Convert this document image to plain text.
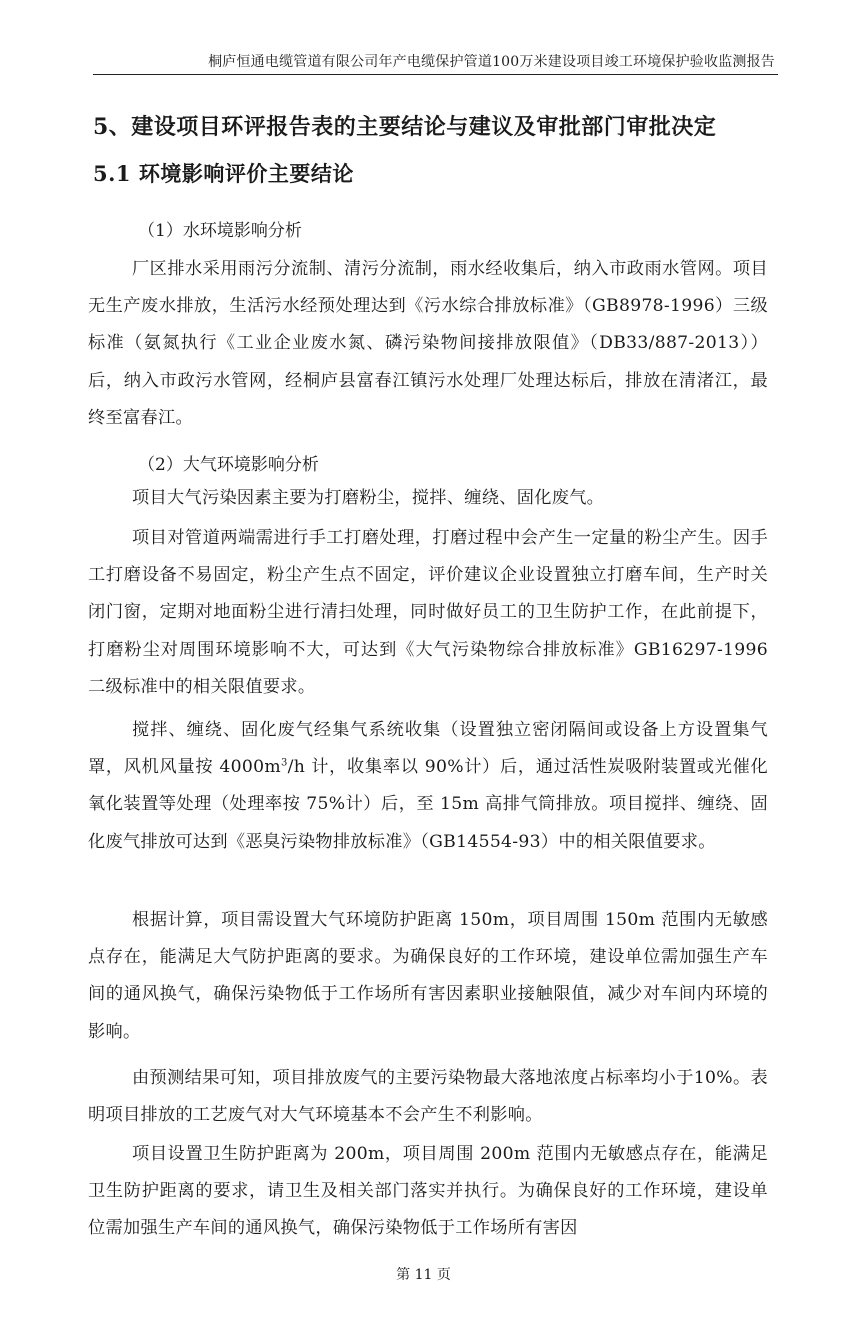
桐庐恒通电缆管道有限公司年产电缆保护管道100万米建设项目竣工环境保护验收监测报告
5、建设项目环评报告表的主要结论与建议及审批部门审批决定
5.1 环境影响评价主要结论
（1）水环境影响分析
厂区排水采用雨污分流制、清污分流制，雨水经收集后，纳入市政雨水管网。项目无生产废水排放，生活污水经预处理达到《污水综合排放标准》（GB8978-1996）三级标准（氨氮执行《工业企业废水氮、磷污染物间接排放限值》（DB33/887-2013））后，纳入市政污水管网，经桐庐县富春江镇污水处理厂处理达标后，排放在清渚江，最终至富春江。
（2）大气环境影响分析
项目大气污染因素主要为打磨粉尘，搅拌、缠绕、固化废气。
项目对管道两端需进行手工打磨处理，打磨过程中会产生一定量的粉尘产生。因手工打磨设备不易固定，粉尘产生点不固定，评价建议企业设置独立打磨车间，生产时关闭门窗，定期对地面粉尘进行清扫处理，同时做好员工的卫生防护工作，在此前提下，打磨粉尘对周围环境影响不大，可达到《大气污染物综合排放标准》GB16297-1996 二级标准中的相关限值要求。
搅拌、缠绕、固化废气经集气系统收集（设置独立密闭隔间或设备上方设置集气罩，风机风量按 $4000m^3/h$ 计，收集率以 90%计）后，通过活性炭吸附装置或光催化氧化装置等处理（处理率按 75%计）后，至 15m 高排气筒排放。项目搅拌、缠绕、固化废气排放可达到《恶臭污染物排放标准》（GB14554-93）中的相关限值要求。
根据计算，项目需设置大气环境防护距离 150m，项目周围 150m 范围内无敏感点存在，能满足大气防护距离的要求。为确保良好的工作环境，建设单位需加强生产车间的通风换气，确保污染物低于工作场所有害因素职业接触限值，减少对车间内环境的影响。
由预测结果可知，项目排放废气的主要污染物最大落地浓度占标率均小于10%。表明项目排放的工艺废气对大气环境基本不会产生不利影响。
项目设置卫生防护距离为 200m，项目周围 200m 范围内无敏感点存在，能满足卫生防护距离的要求，请卫生及相关部门落实并执行。为确保良好的工作环境，建设单位需加强生产车间的通风换气，确保污染物低于工作场所有害因
第 11 页
